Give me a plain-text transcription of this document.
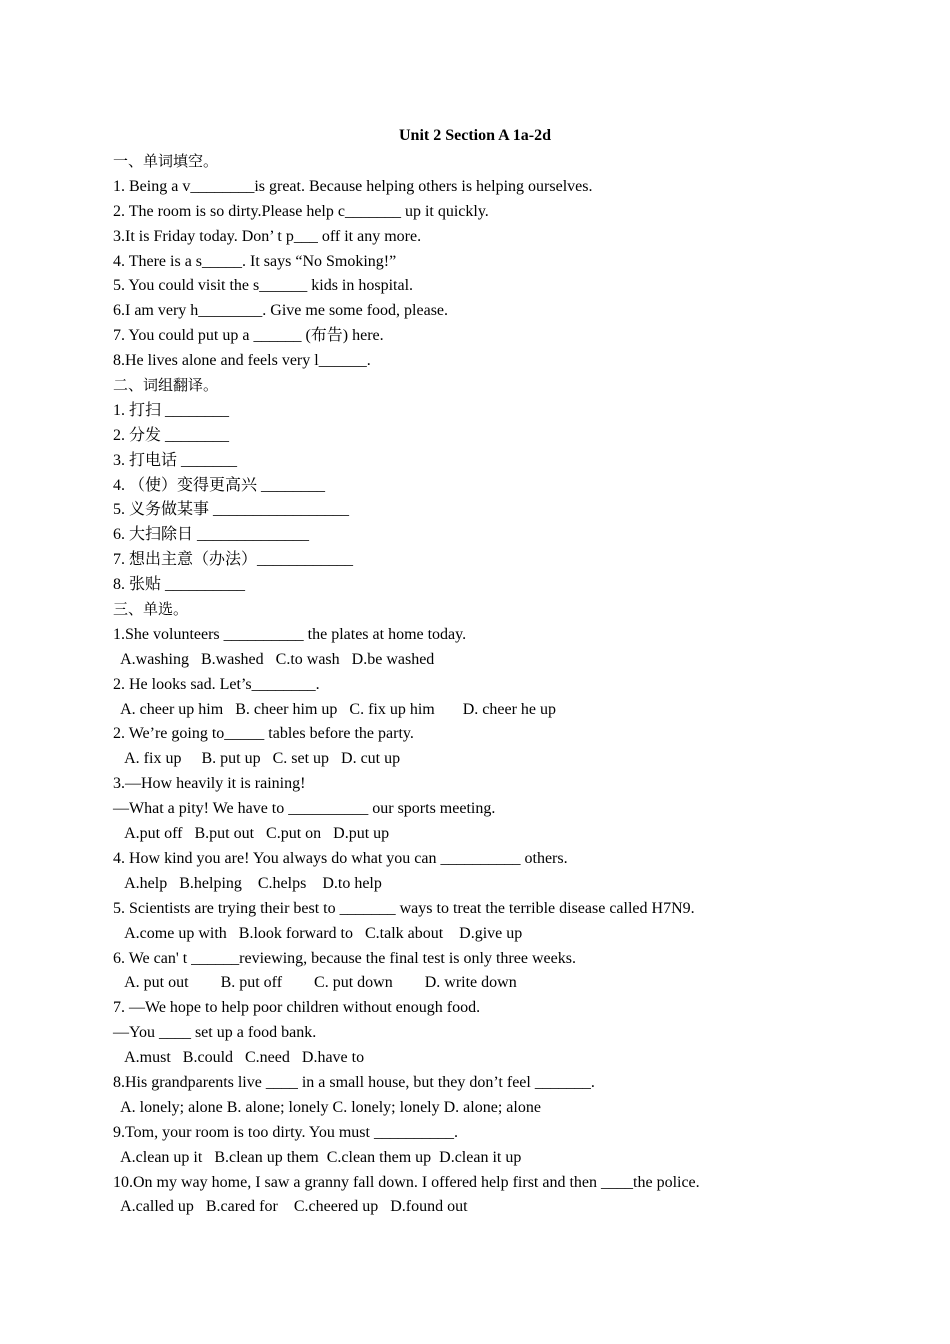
Unit 2 Section A 1a-2d
一、单词填空。
1. Being a v________is great. Because helping others is helping ourselves.
2. The room is so dirty.Please help c_______ up it quickly.
3.It is Friday today. Don’ t p___ off it any more.
4. There is a s_____. It says “No Smoking!”
5. You could visit the s______ kids in hospital.
6.I am very h________. Give me some food, please.
7. You could put up a ______ (布告) here.
8.He lives alone and feels very l______.
二、词组翻译。
1. 打扫 ________
2. 分发 ________
3. 打电话 _______
4. （使）变得更高兴 ________
5. 义务做某事 _________________
6. 大扫除日 ______________
7. 想出主意（办法）____________
8. 张贴 __________
三、单选。
1.She volunteers __________ the plates at home today.
A.washing   B.washed   C.to wash   D.be washed
2. He looks sad. Let’s________.
A. cheer up him   B. cheer him up   C. fix up him       D. cheer he up
2. We’re going to_____ tables before the party.
A. fix up     B. put up   C. set up   D. cut up
3.—How heavily it is raining!
—What a pity! We have to __________ our sports meeting.
A.put off   B.put out   C.put on   D.put up
4. How kind you are! You always do what you can __________ others.
A.help   B.helping    C.helps    D.to help
5. Scientists are trying their best to _______ ways to treat the terrible disease called H7N9.
A.come up with   B.look forward to   C.talk about    D.give up
6. We can' t ______reviewing, because the final test is only three weeks.
A. put out        B. put off        C. put down        D. write down
7. —We hope to help poor children without enough food.
—You ____ set up a food bank.
A.must   B.could   C.need   D.have to
8.His grandparents live ____ in a small house, but they don’t feel _______.
A. lonely; alone B. alone; lonely C. lonely; lonely D. alone; alone
9.Tom, your room is too dirty. You must __________.
A.clean up it   B.clean up them  C.clean them up  D.clean it up
10.On my way home, I saw a granny fall down. I offered help first and then ____the police.
A.called up   B.cared for    C.cheered up   D.found out
